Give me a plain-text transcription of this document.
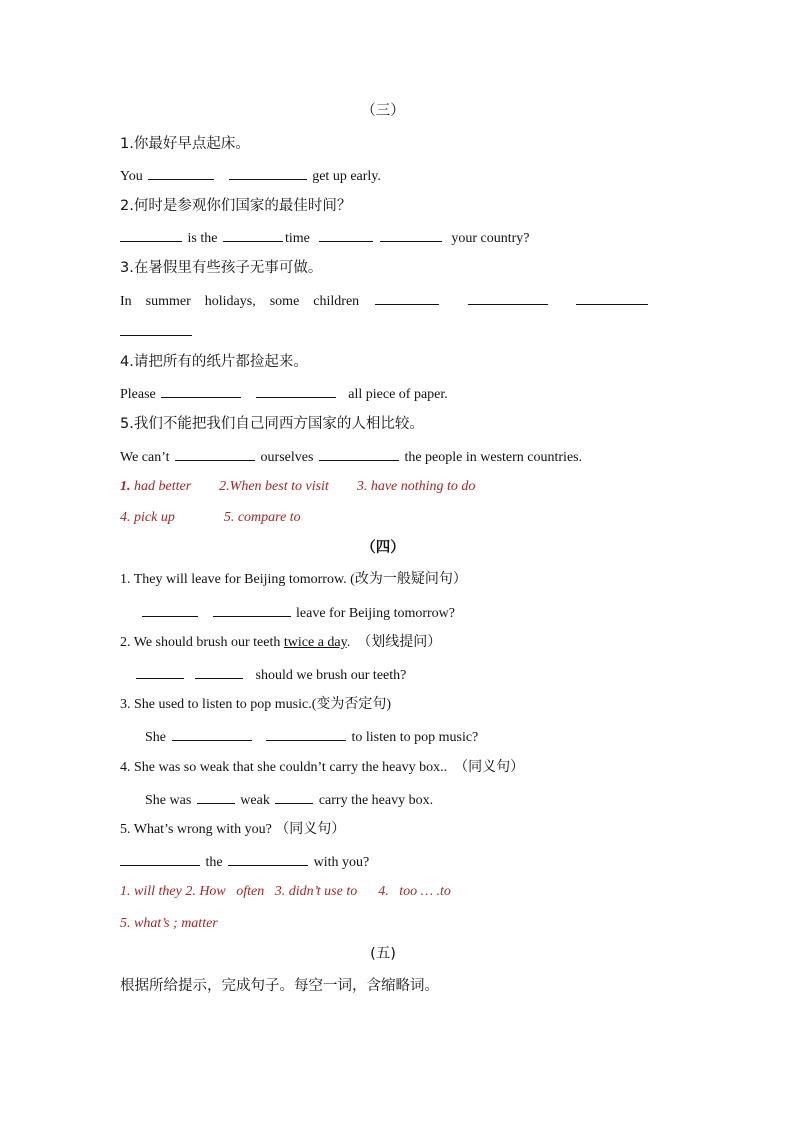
（三）
1.你最好早点起床。
You	get up early.
2.何时是参观你们国家的最佳时间？
is the	time	your country?
3.在暑假里有些孩子无事可做。
In summer holidays, some children
4.请把所有的纸片都捡起来。
Please	all piece of paper.
5.我们不能把我们自己同西方国家的人相比较。
We can’t	ourselves	the people in western countries.
1. had better 2.When best to visit 3. have nothing to do
4. pick up	5. compare to
（四）
1. They will leave for Beijing tomorrow. (改为一般疑问句）
leave for Beijing tomorrow?
2. We should brush our teeth twice a day.  （划线提问）
should we brush our teeth?
3. She used to listen to pop music.(变为否定句)
She	to listen to pop music?
4. She was so weak that she couldn’t carry the heavy box..  （同义句）
She was	weak	carry the heavy box.
5. What’s wrong with you? （同义句）
the	with you?
1. will they 2. How   often   3. didn’t use to      4.   too … .to
5. what’s ; matter
(五)
根据所给提示，完成句子。每空一词，含缩略词。
